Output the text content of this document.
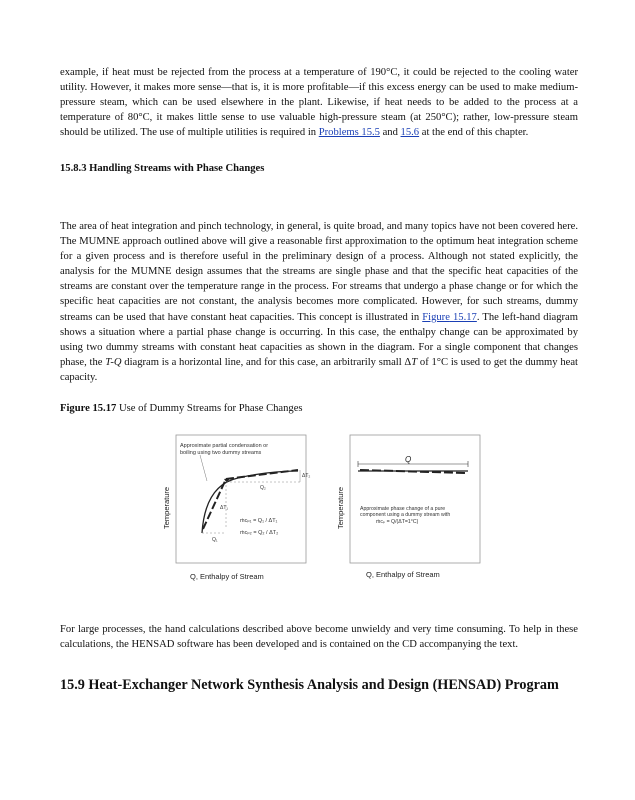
example, if heat must be rejected from the process at a temperature of 190°C, it could be rejected to the cooling water utility. However, it makes more sense—that is, it is more profitable—if this excess energy can be used to make medium-pressure steam, which can be used elsewhere in the plant. Likewise, if heat needs to be added to the process at a temperature of 80°C, it makes little sense to use valuable high-pressure steam (at 250°C); rather, low-pressure steam should be utilized. The use of multiple utilities is required in Problems 15.5 and 15.6 at the end of this chapter.

15.8.3 Handling Streams with Phase Changes

The area of heat integration and pinch technology, in general, is quite broad, and many topics have not been covered here. The MUMNE approach outlined above will give a reasonable first approximation to the optimum heat integration scheme for a given process and is therefore useful in the preliminary design of a process. Although not stated explicitly, the analysis for the MUMNE design assumes that the streams are single phase and that the specific heat capacities of the streams are constant over the temperature range in the process. For streams that undergo a phase change or for which the specific heat capacities are not constant, the analysis becomes more complicated. However, for such streams, dummy streams can be used that have constant heat capacities. This concept is illustrated in Figure 15.17. The left-hand diagram shows a situation where a partial phase change is occurring. In this case, the enthalpy change can be approximated by using two dummy streams with constant heat capacities as shown in the diagram. For a single component that changes phase, the T-Q diagram is a horizontal line, and for this case, an arbitrarily small ΔT of 1°C is used to get the dummy heat capacity.

Figure 15.17 Use of Dummy Streams for Phase Changes
Approximate partial condensation or
boiling using two dummy streams
ΔT₂
ΔT₁
Q₂
Q₁
ṁcₚ₁ = Q₁ / ΔT₁
ṁcₚ₂ = Q₂ / ΔT₂
Temperature
Q, Enthalpy of Stream
Q
Approximate phase change of a pure
component using a dummy stream with
ṁcₚ = Q/(ΔT=1°C)
Temperature
Q, Enthalpy of Stream

For large processes, the hand calculations described above become unwieldy and very time consuming. To help in these calculations, the HENSAD software has been developed and is contained on the CD accompanying the text.

15.9 Heat-Exchanger Network Synthesis Analysis and Design (HENSAD) Program
